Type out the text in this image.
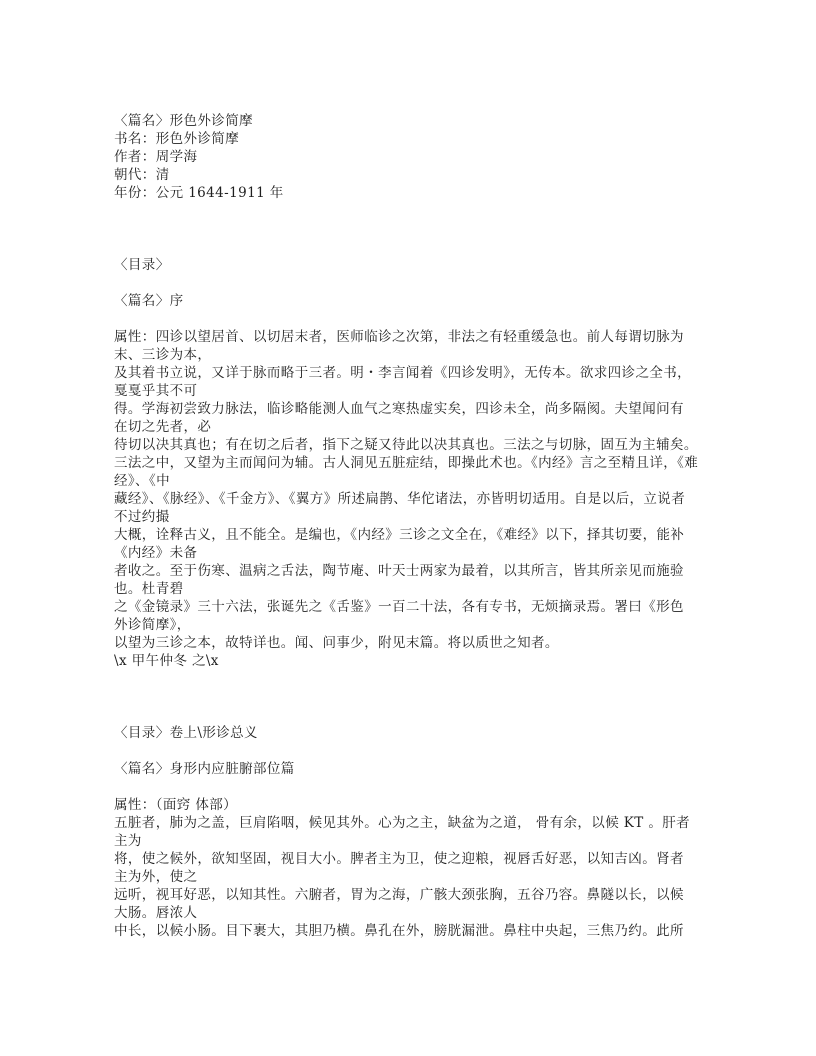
〈篇名〉形色外诊简摩
书名：形色外诊简摩
作者：周学海
朝代：清
年份：公元 1644-1911 年
〈目录〉
〈篇名〉序
属性：四诊以望居首、以切居末者，医师临诊之次第，非法之有轻重缓急也。前人每谓切脉为
末、三诊为本，
及其着书立说，又详于脉而略于三者。明・李言闻着《四诊发明》，无传本。欲求四诊之全书，
戛戛乎其不可
得。学海初尝致力脉法，临诊略能测人血气之寒热虚实矣，四诊未全，尚多隔阂。夫望闻问有
在切之先者，必
待切以决其真也；有在切之后者，指下之疑又待此以决其真也。三法之与切脉，固互为主辅矣。
三法之中，又望为主而闻问为辅。古人洞见五脏症结，即操此术也。《内经》言之至精且详，《难
经》、《中
藏经》、《脉经》、《千金方》、《翼方》所述扁鹊、华佗诸法，亦皆明切适用。自是以后，立说者
不过约撮
大概，诠释古义，且不能全。是编也，《内经》三诊之文全在，《难经》以下，择其切要，能补
《内经》未备
者收之。至于伤寒、温病之舌法，陶节庵、叶天士两家为最着，以其所言，皆其所亲见而施验
也。杜青碧
之《金镜录》三十六法，张诞先之《舌鉴》一百二十法，各有专书，无烦摘录焉。署曰《形色
外诊简摩》，
以望为三诊之本，故特详也。闻、问事少，附见末篇。将以质世之知者。
\x 甲午仲冬 之\x
〈目录〉卷上\形诊总义
〈篇名〉身形内应脏腑部位篇
属性：（面窍 体部）
五脏者，肺为之盖，巨肩陷咽，候见其外。心为之主，缺盆为之道， 骨有余，以候 KT 。肝者
主为
将，使之候外，欲知坚固，视目大小。脾者主为卫，使之迎粮，视唇舌好恶，以知吉凶。肾者
主为外，使之
远听，视耳好恶，以知其性。六腑者，胃为之海，广骸大颈张胸，五谷乃容。鼻隧以长，以候
大肠。唇浓人
中长，以候小肠。目下裹大，其胆乃横。鼻孔在外，膀胱漏泄。鼻柱中央起，三焦乃约。此所
